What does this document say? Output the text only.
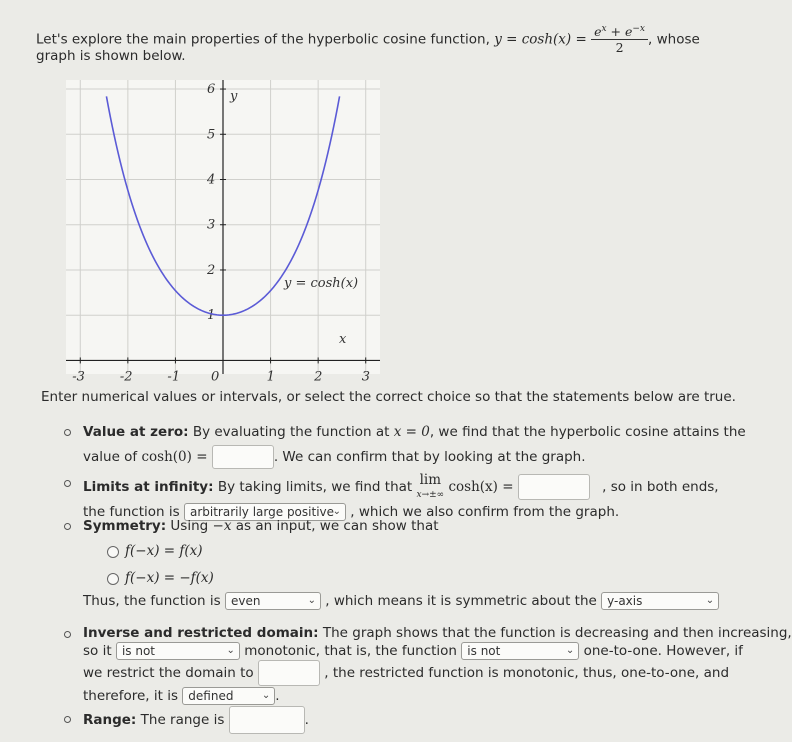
Let's explore the main properties of the hyperbolic cosine function, $y = \cosh(x) = \frac{e^x + e^{-x}}{2}$ , whose
graph is shown below.
-3	-2	-1 0	1	2	3
1
2
3
4
5
6 y
x
y = cosh(x)
Enter numerical values or intervals, or select the correct choice so that the statements below are true.
Value at zero: By evaluating the function at x = 0, we find that the hyperbolic cosine attains the
value of cosh(0) =	. We can confirm that by looking at the graph.
Limits at infinity: By taking limits, we find that lim
x→±∞ cosh(x) =	, so in both ends,
the function is arbitrarily large positive
⌄ , which we also confirm from the graph.
Symmetry: Using −x as an input, we can show that
f(−x) = f(x)
f(−x) = −f(x)
Thus, the function is even	⌄ , which means it is symmetric about the y-axis	⌄
Inverse and restricted domain: The graph shows that the function is decreasing and then increasing,
so it is not	⌄ monotonic, that is, the function is not	⌄ one-to-one. However, if
we restrict the domain to	, the restricted function is monotonic, thus, one-to-one, and
therefore, it is defined	⌄ .
Range: The range is	.
